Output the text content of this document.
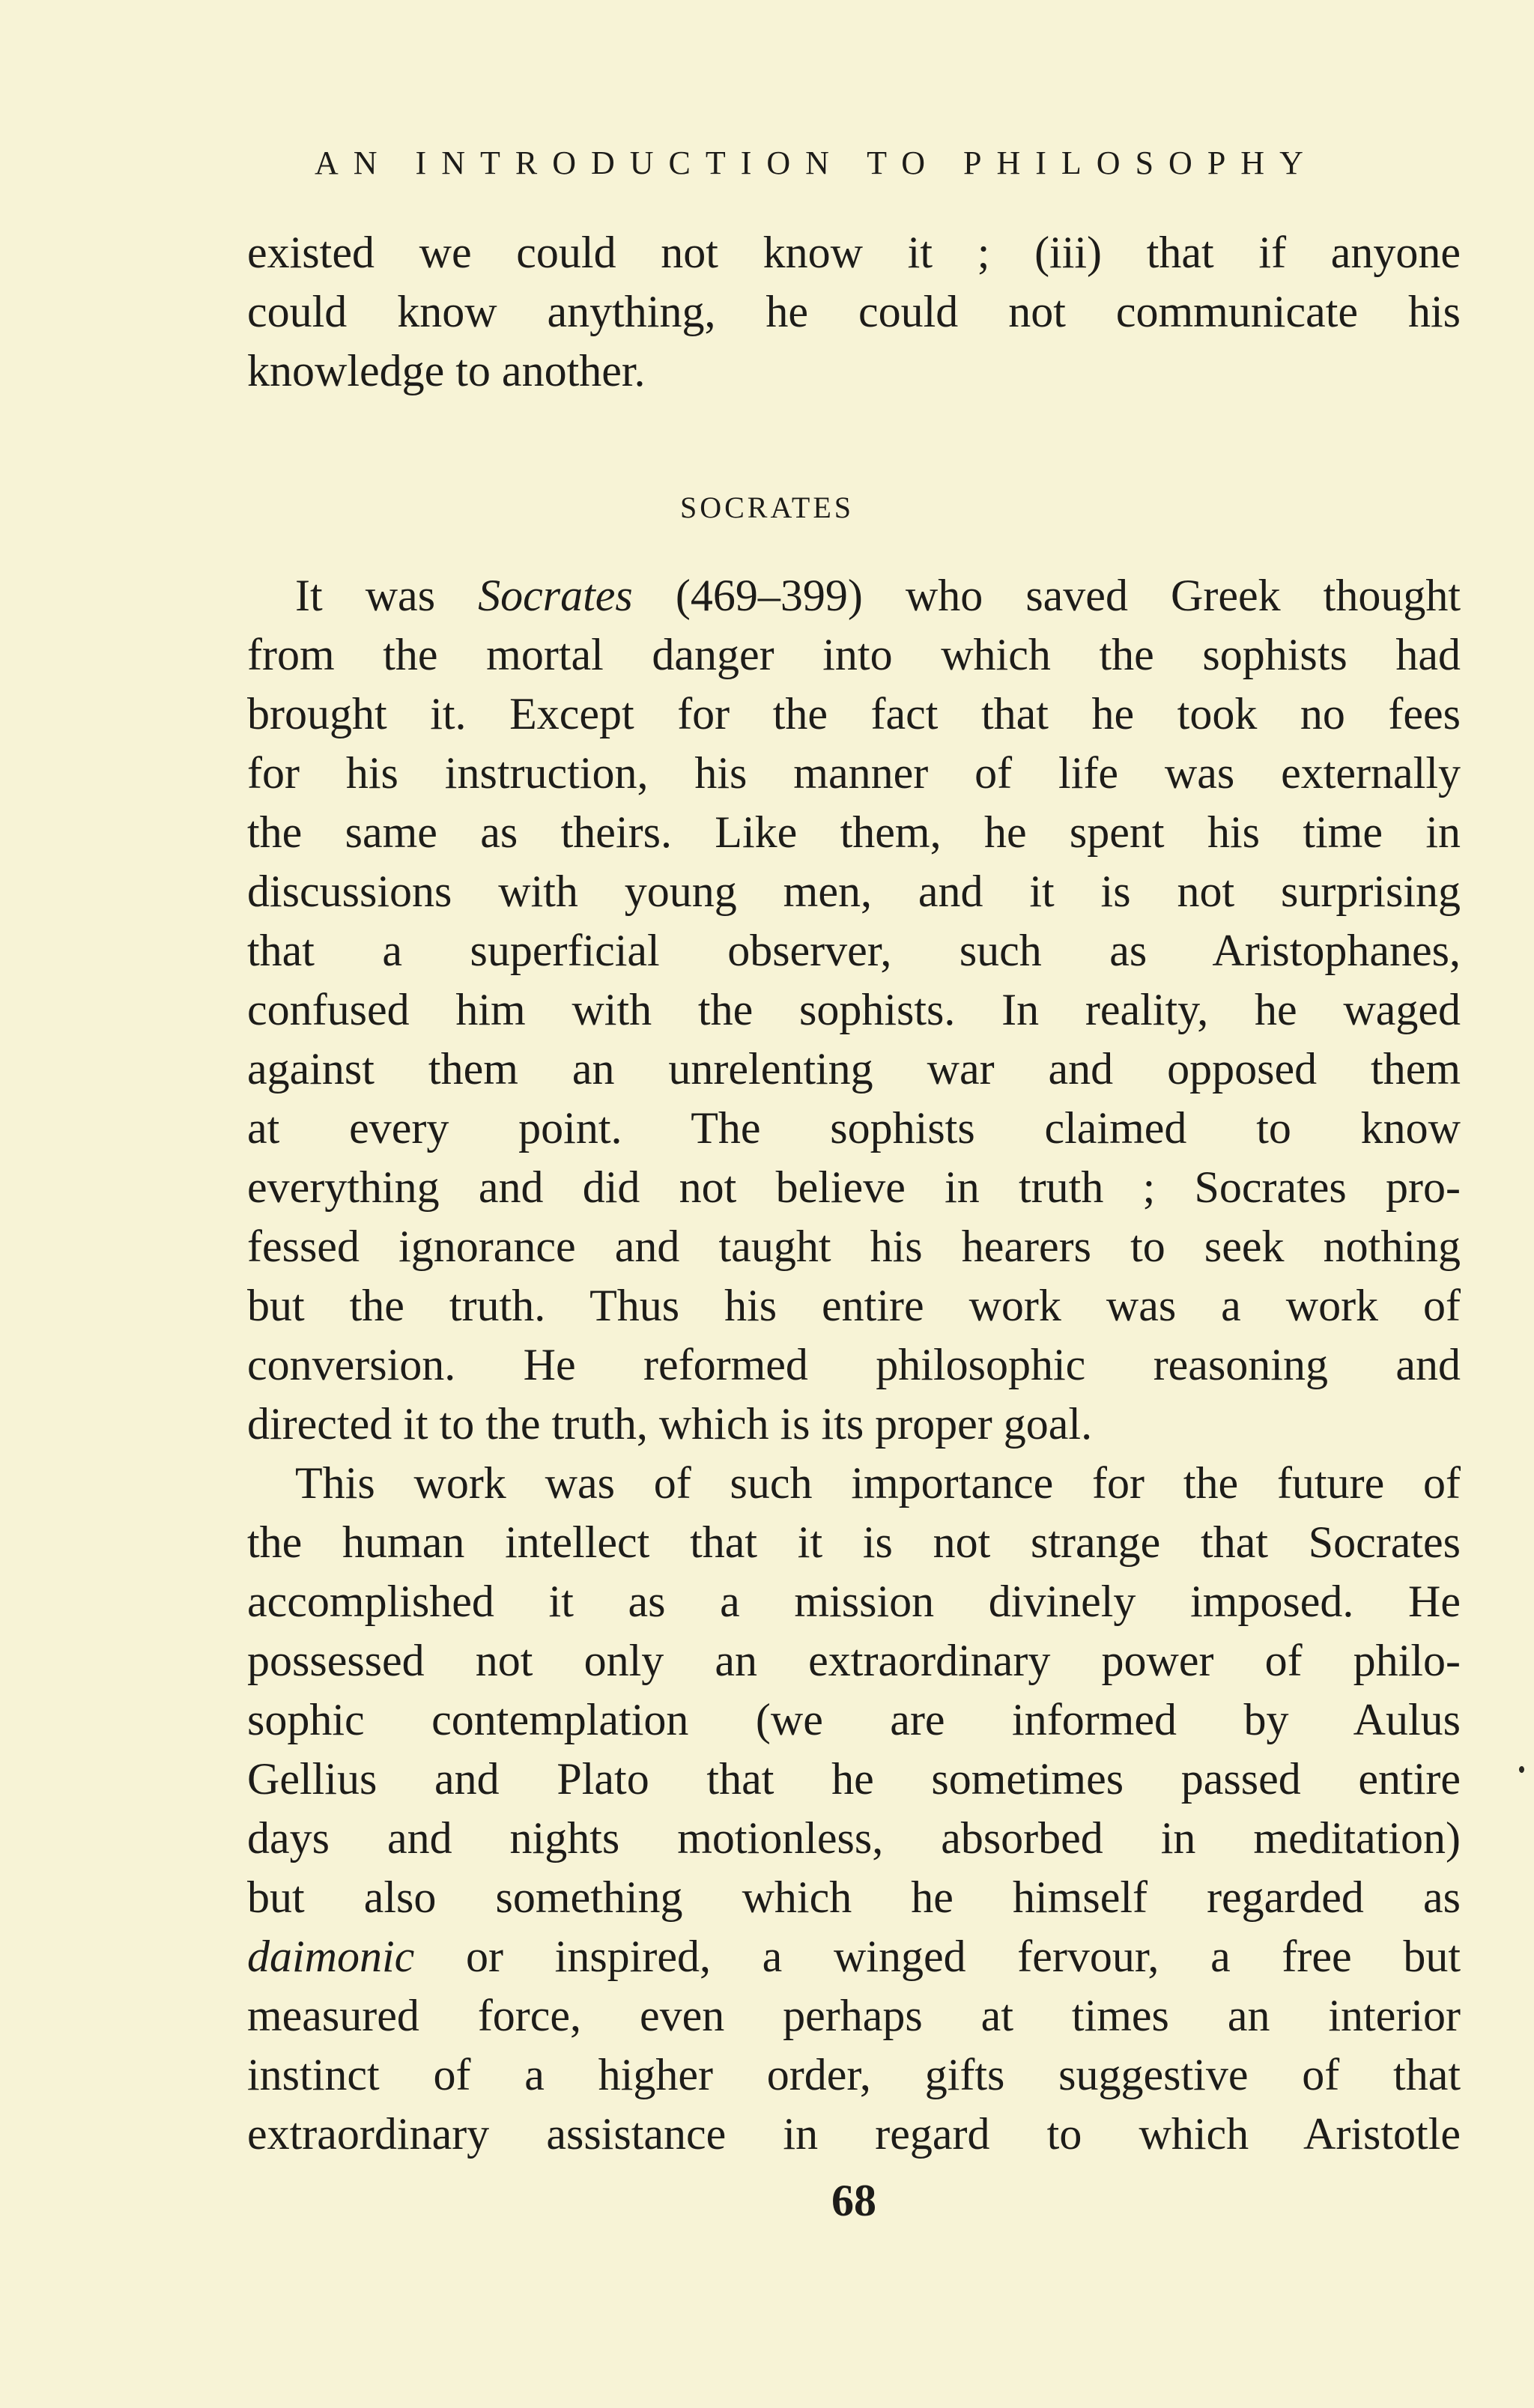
AN INTRODUCTION TO PHILOSOPHY
existed we could not know it ; (iii) that if anyone
could know anything, he could not communicate his
knowledge to another.
SOCRATES
It was Socrates (469–399) who saved Greek thought
from the mortal danger into which the sophists had
brought it. Except for the fact that he took no fees
for his instruction, his manner of life was externally
the same as theirs. Like them, he spent his time in
discussions with young men, and it is not surprising
that a superficial observer, such as Aristophanes,
confused him with the sophists. In reality, he waged
against them an unrelenting war and opposed them
at every point. The sophists claimed to know
everything and did not believe in truth ; Socrates pro-
fessed ignorance and taught his hearers to seek nothing
but the truth. Thus his entire work was a work of
conversion. He reformed philosophic reasoning and
directed it to the truth, which is its proper goal.
This work was of such importance for the future of
the human intellect that it is not strange that Socrates
accomplished it as a mission divinely imposed. He
possessed not only an extraordinary power of philo-
sophic contemplation (we are informed by Aulus
Gellius and Plato that he sometimes passed entire
days and nights motionless, absorbed in meditation)
but also something which he himself regarded as
daimonic or inspired, a winged fervour, a free but
measured force, even perhaps at times an interior
instinct of a higher order, gifts suggestive of that
extraordinary assistance in regard to which Aristotle
68
